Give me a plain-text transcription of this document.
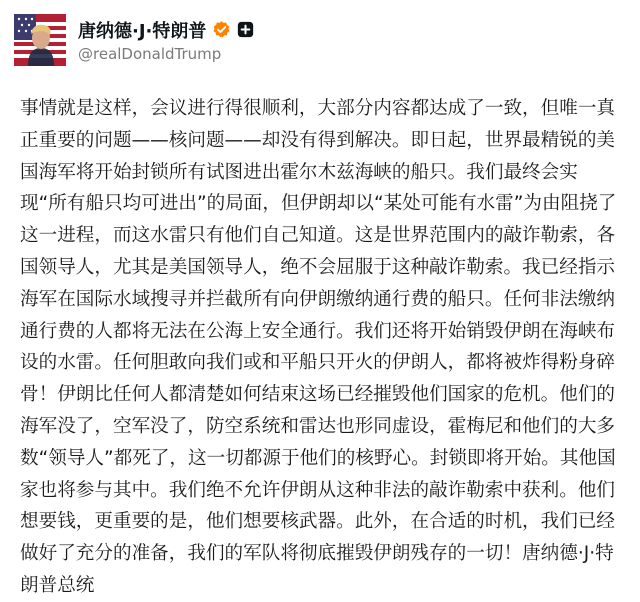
唐纳德·J·特朗普
@realDonaldTrump
事情就是这样，会议进行得很顺利，大部分内容都达成了一致，但唯一真正重要的问题——核问题——却没有得到解决。即日起，世界最精锐的美国海军将开始封锁所有试图进出霍尔木兹海峡的船只。我们最终会实现“所有船只均可进出”的局面，但伊朗却以“某处可能有水雷”为由阻挠了这一进程，而这水雷只有他们自己知道。这是世界范围内的敲诈勒索，各国领导人，尤其是美国领导人，绝不会屈服于这种敲诈勒索。我已经指示海军在国际水域搜寻并拦截所有向伊朗缴纳通行费的船只。任何非法缴纳通行费的人都将无法在公海上安全通行。我们还将开始销毁伊朗在海峡布设的水雷。任何胆敢向我们或和平船只开火的伊朗人，都将被炸得粉身碎骨！伊朗比任何人都清楚如何结束这场已经摧毁他们国家的危机。他们的海军没了，空军没了，防空系统和雷达也形同虚设，霍梅尼和他们的大多数“领导人”都死了，这一切都源于他们的核野心。封锁即将开始。其他国家也将参与其中。我们绝不允许伊朗从这种非法的敲诈勒索中获利。他们想要钱，更重要的是，他们想要核武器。此外，在合适的时机，我们已经做好了充分的准备，我们的军队将彻底摧毁伊朗残存的一切！唐纳德·J·特朗普总统
